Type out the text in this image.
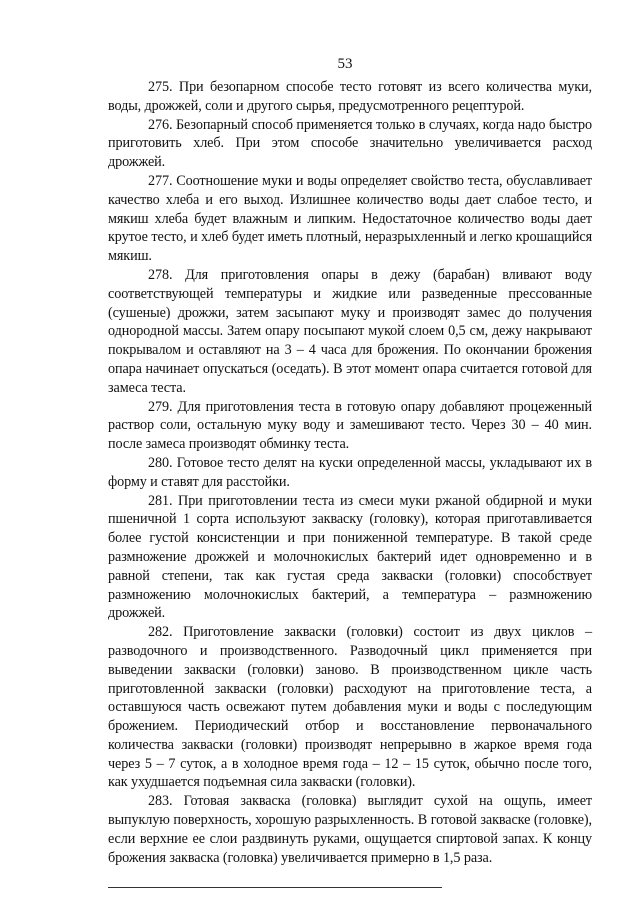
53

275. При безопарном способе тесто готовят из всего количества муки, воды, дрожжей, соли и другого сырья, предусмотренного рецептурой.

276. Безопарный способ применяется только в случаях, когда надо быстро приготовить хлеб. При этом способе значительно увеличивается расход дрожжей.

277. Соотношение муки и воды определяет свойство теста, обуславливает качество хлеба и его выход. Излишнее количество воды дает слабое тесто, и мякиш хлеба будет влажным и липким. Недостаточное количество воды дает крутое тесто, и хлеб будет иметь плотный, неразрыхленный и легко крошащийся мякиш.

278. Для приготовления опары в дежу (барабан) вливают воду соответствующей температуры и жидкие или разведенные прессованные (сушеные) дрожжи, затем засыпают муку и производят замес до получения однородной массы. Затем опару посыпают мукой слоем 0,5 см, дежу накрывают покрывалом и оставляют на 3 – 4 часа для брожения. По окончании брожения опара начинает опускаться (оседать). В этот момент опара считается готовой для замеса теста.

279. Для приготовления теста в готовую опару добавляют процеженный раствор соли, остальную муку воду и замешивают тесто. Через 30 – 40 мин. после замеса производят обминку теста.

280. Готовое тесто делят на куски определенной массы, укладывают их в форму и ставят для расстойки.

281. При приготовлении теста из смеси муки ржаной обдирной и муки пшеничной 1 сорта используют закваску (головку), которая приготавливается более густой консистенции и при пониженной температуре. В такой среде размножение дрожжей и молочнокислых бактерий идет одновременно и в равной степени, так как густая среда закваски (головки) способствует размножению молочнокислых бактерий, а температура – размножению дрожжей.

282. Приготовление закваски (головки) состоит из двух циклов – разводочного и производственного. Разводочный цикл применяется при выведении закваски (головки) заново. В производственном цикле часть приготовленной закваски (головки) расходуют на приготовление теста, а оставшуюся часть освежают путем добавления муки и воды с последующим брожением. Периодический отбор и восстановление первоначального количества закваски (головки) производят непрерывно в жаркое время года через 5 – 7 суток, а в холодное время года – 12 – 15 суток, обычно после того, как ухудшается подъемная сила закваски (головки).

283. Готовая закваска (головка) выглядит сухой на ощупь, имеет выпуклую поверхность, хорошую разрыхленность. В готовой закваске (головке), если верхние ее слои раздвинуть руками, ощущается спиртовой запах. К концу брожения закваска (головка) увеличивается примерно в 1,5 раза.
